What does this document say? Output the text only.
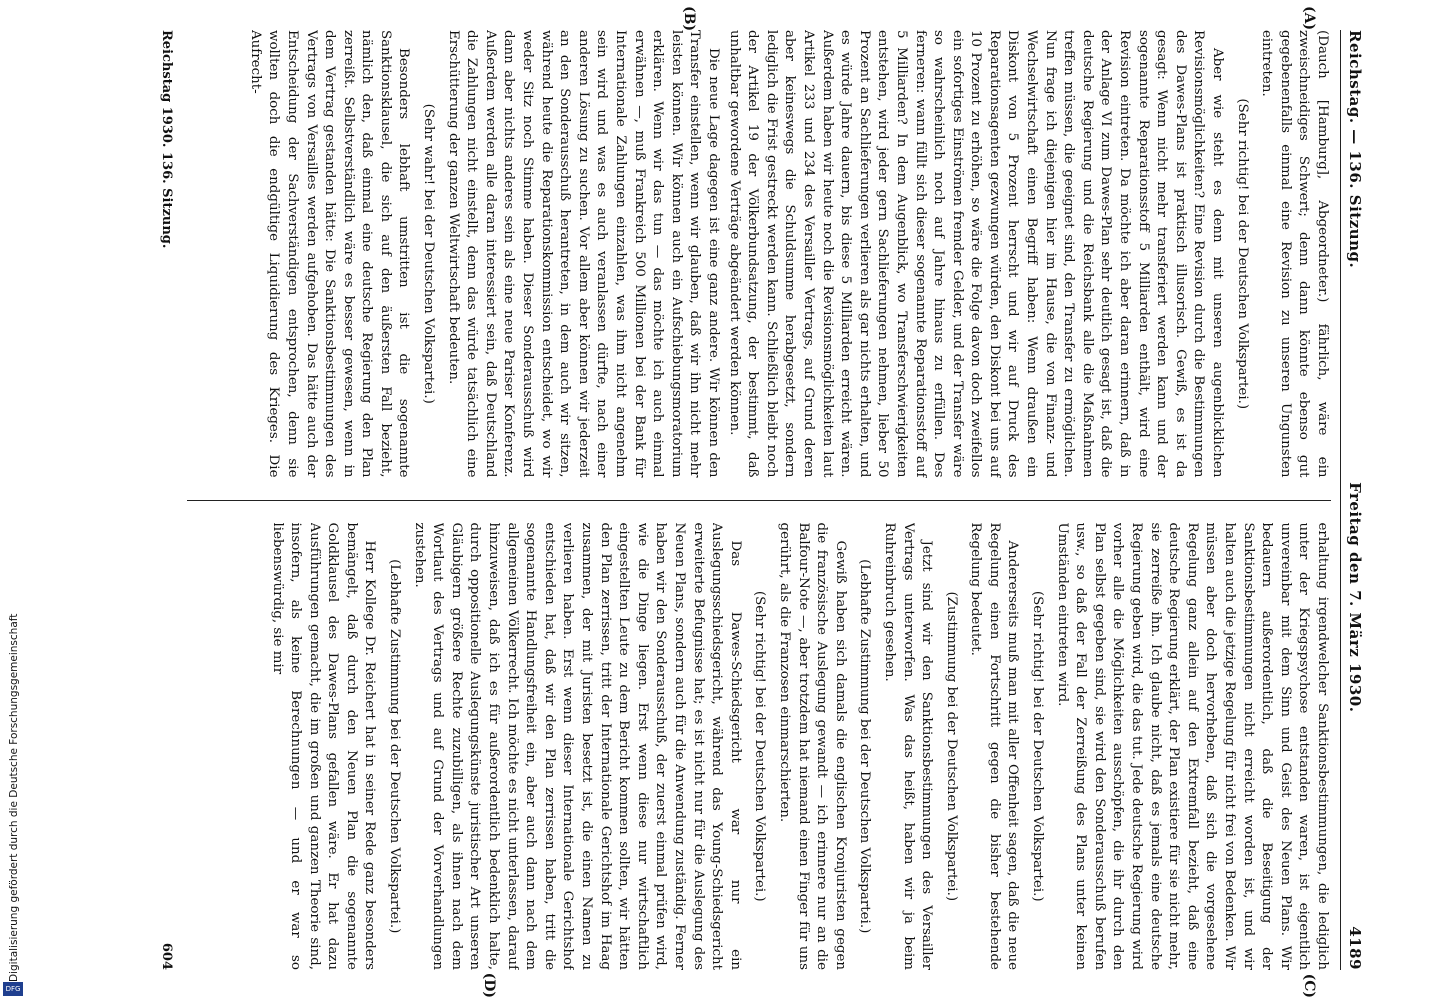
Digitalisierung gefördert durch die Deutsche Forschungsgemeinschaft
DFG
Reichstag. — 136. Sitzung.
Freitag den 7. März 1930.
4189
(A)
(B)
(C)
(D)

(Dauch [Hamburg], Abgeordneter.) fährlich, wäre ein zweischneidiges Schwert; denn dann könnte ebenso gut gegebenenfalls einmal eine Revision zu unseren Ungunsten eintreten.

(Sehr richtig! bei der Deutschen Volkspartei.)

Aber wie steht es denn mit unseren augenblicklichen Revisionsmöglichkeiten? Eine Revision durch die Bestimmungen des Dawes-Plans ist praktisch illusorisch. Gewiß, es ist da gesagt: Wenn nicht mehr transferiert werden kann und der sogenannte Reparationsstoff 5 Milliarden enthält, wird eine Revision eintreten. Da möchte ich aber daran erinnern, daß in der Anlage VI zum Dawes-Plan sehr deutlich gesagt ist, daß die deutsche Regierung und die Reichsbank alle die Maßnahmen treffen müssen, die geeignet sind, den Transfer zu ermöglichen. Nun frage ich diejenigen hier im Hause, die von Finanz- und Wechselwirtschaft einen Begriff haben: Wenn draußen ein Diskont von 5 Prozent herrscht und wir auf Druck des Reparationsagenten gezwungen würden, den Diskont bei uns auf 10 Prozent zu erhöhen, so wäre die Folge davon doch zweifellos ein sofortiges Einströmen fremder Gelder, und der Transfer wäre so wahrscheinlich noch auf Jahre hinaus zu erfüllen. Des ferneren: wann füllt sich dieser sogenannte Reparationsstoff auf 5 Milliarden? In dem Augenblick, wo Transferschwierigkeiten entstehen, wird jeder gern Sachlieferungen nehmen, lieber 50 Prozent an Sachlieferungen verlieren als gar nichts erhalten, und es würde Jahre dauern, bis diese 5 Milliarden erreicht wären. Außerdem haben wir heute noch die Revisionsmöglichkeiten laut Artikel 233 und 234 des Versailler Vertrags, auf Grund deren aber keineswegs die Schuldsumme herabgesetzt, sondern lediglich die Frist gestreckt werden kann. Schließlich bleibt noch der Artikel 19 der Völkerbundsatzung, der bestimmt, daß unhaltbar gewordene Verträge abgeändert werden können.

Die neue Lage dagegen ist eine ganz andere. Wir können den Transfer einstellen, wenn wir glauben, daß wir ihn nicht mehr leisten können. Wir können auch ein Aufschiebungsmoratorium erklären. Wenn wir das tun — das möchte ich auch einmal erwähnen —, muß Frankreich 500 Millionen bei der Bank für Internationale Zahlungen einzahlen, was ihm nicht angenehm sein wird und was es auch veranlassen dürfte, nach einer anderen Lösung zu suchen. Vor allem aber können wir jederzeit an den Sonderausschuß herantreten, in dem auch wir sitzen, während heute die Reparationskommission entscheidet, wo wir weder Sitz noch Stimme haben. Dieser Sonderausschuß wird dann aber nichts anderes sein als eine neue Pariser Konferenz. Außerdem werden alle daran interessiert sein, daß Deutschland die Zahlungen nicht einstellt, denn das würde tatsächlich eine Erschütterung der ganzen Weltwirtschaft bedeuten.

(Sehr wahr! bei der Deutschen Volkspartei.)

Besonders lebhaft umstritten ist die sogenannte Sanktionsklausel, die sich auf den äußersten Fall bezieht, nämlich den, daß einmal eine deutsche Regierung den Plan zerreißt. Selbstverständlich wäre es besser gewesen, wenn in dem Vertrag gestanden hätte: Die Sanktionsbestimmungen des Vertrags von Versailles werden aufgehoben. Das hätte auch der Entscheidung der Sachverständigen entsprochen, denn sie wollten doch die endgültige Liquidierung des Krieges. Die Aufrecht-

erhaltung irgendwelcher Sanktionsbestimmungen, die lediglich unter der Kriegspsychose entstanden waren, ist eigentlich unvereinbar mit dem Sinn und Geist des Neuen Plans. Wir bedauern außerordentlich, daß die Beseitigung der Sanktionsbestimmungen nicht erreicht worden ist, und wir halten auch die jetzige Regelung für nicht frei von Bedenken. Wir müssen aber doch hervorheben, daß sich die vorgesehene Regelung ganz allein auf den Extremfall bezieht, daß eine deutsche Regierung erklärt, der Plan existiere für sie nicht mehr, sie zerreiße ihn. Ich glaube nicht, daß es jemals eine deutsche Regierung geben wird, die das tut. Jede deutsche Regierung wird vorher alle die Möglichkeiten ausschöpfen, die ihr durch den Plan selbst gegeben sind, sie wird den Sonderausschuß berufen usw., so daß der Fall der Zerreißung des Plans unter keinen Umständen eintreten wird.

(Sehr richtig! bei der Deutschen Volkspartei.)

Andererseits muß man mit aller Offenheit sagen, daß die neue Regelung einen Fortschritt gegen die bisher bestehende Regelung bedeutet.

(Zustimmung bei der Deutschen Volkspartei.)

Jetzt sind wir den Sanktionsbestimmungen des Versailler Vertrags unterworfen. Was das heißt, haben wir ja beim Ruhreinbruch gesehen.

(Lebhafte Zustimmung bei der Deutschen Volkspartei.)

Gewiß haben sich damals die englischen Kronjuristen gegen die französische Auslegung gewandt — ich erinnere nur an die Balfour-Note —, aber trotzdem hat niemand einen Finger für uns gerührt, als die Franzosen einmarschierten.

(Sehr richtig! bei der Deutschen Volkspartei.)

Das Dawes-Schiedsgericht war nur ein Auslegungsschiedsgericht, während das Young-Schiedsgericht erweiterte Befugnisse hat; es ist nicht nur für die Auslegung des Neuen Plans, sondern auch für die Anwendung zuständig. Ferner haben wir den Sonderausschuß, der zuerst einmal prüfen wird, wie die Dinge liegen. Erst wenn diese nur wirtschaftlich eingestellten Leute zu dem Bericht kommen sollten, wir hätten den Plan zerrissen, tritt der Internationale Gerichtshof im Haag zusammen, der mit Juristen besetzt ist, die einen Namen zu verlieren haben. Erst wenn dieser Internationale Gerichtshof entschieden hat, daß wir den Plan zerrissen haben, tritt die sogenannte Handlungsfreiheit ein, aber auch dann nach dem allgemeinen Völkerrecht. Ich möchte es nicht unterlassen, darauf hinzuweisen, daß ich es für außerordentlich bedenklich halte, durch oppositionelle Auslegungskünste juristischer Art unseren Gläubigern größere Rechte zuzubilligen, als ihnen nach dem Wortlaut des Vertrags und auf Grund der Vorverhandlungen zustehen.

(Lebhafte Zustimmung bei der Deutschen Volkspartei.)

Herr Kollege Dr. Reichert hat in seiner Rede ganz besonders bemängelt, daß durch den Neuen Plan die sogenannte Goldklausel des Dawes-Plans gefallen wäre. Er hat dazu Ausführungen gemacht, die im großen und ganzen Theorie sind, insofern, als keine Berechnungen — und er war so liebenswürdig, sie mir

Reichstag 1930. 136. Sitzung.
604
